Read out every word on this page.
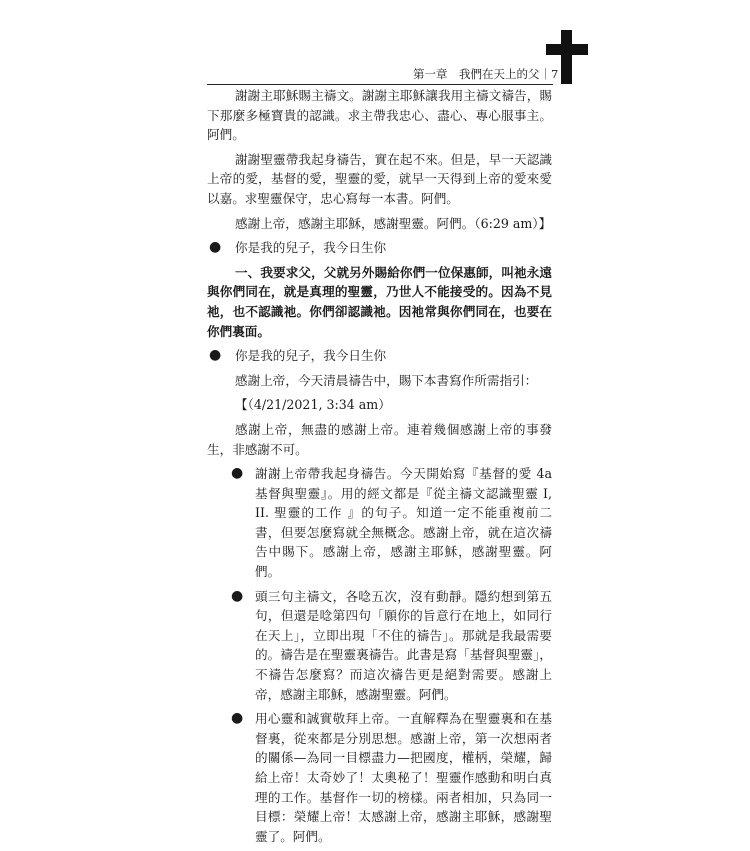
第一章　我們在天上的父｜7

謝謝主耶穌賜主禱文。謝謝主耶穌讓我用主禱文禱告，賜下那麼多極寶貴的認識。求主帶我忠心、盡心、專心服事主。阿們。

謝謝聖靈帶我起身禱告，實在起不來。但是，早一天認識上帝的愛，基督的愛，聖靈的愛，就早一天得到上帝的愛來愛以嘉。求聖靈保守，忠心寫每一本書。阿們。

感謝上帝，感謝主耶穌，感謝聖靈。阿們。（6:29 am）】

●	你是我的兒子，我今日生你

一、我要求父，父就另外賜給你們一位保惠師，叫祂永遠與你們同在，就是真理的聖靈，乃世人不能接受的。因為不見祂，也不認識祂。你們卻認識祂。因祂常與你們同在，也要在你們裏面。

●	你是我的兒子，我今日生你

感謝上帝，今天清晨禱告中，賜下本書寫作所需指引：

【（4/21/2021, 3:34 am）

感謝上帝，無盡的感謝上帝。連着幾個感謝上帝的事發生，非感謝不可。

● 謝謝上帝帶我起身禱告。今天開始寫『基督的愛 4a 基督與聖靈』。用的經文都是『從主禱文認識聖靈 I, II. 聖靈的工作 』的句子。知道一定不能重複前二書，但要怎麼寫就全無概念。感謝上帝，就在這次禱告中賜下。感謝上帝，感謝主耶穌，感謝聖靈。阿們。

● 頭三句主禱文，各唸五次，沒有動靜。隱約想到第五句，但還是唸第四句「願你的旨意行在地上，如同行在天上」，立即出現「不住的禱告」。那就是我最需要的。禱告是在聖靈裏禱告。此書是寫「基督與聖靈」，不禱告怎麼寫？而這次禱告更是絕對需要。感謝上帝，感謝主耶穌，感謝聖靈。阿們。

● 用心靈和誠實敬拜上帝。一直解釋為在聖靈裏和在基督裏，從來都是分別思想。感謝上帝，第一次想兩者的關係—為同一目標盡力—把國度，權柄，榮耀，歸給上帝！太奇妙了！太奧秘了！聖靈作感動和明白真理的工作。基督作一切的榜樣。兩者相加，只為同一目標：榮耀上帝！太感謝上帝，感謝主耶穌，感謝聖靈了。阿們。
